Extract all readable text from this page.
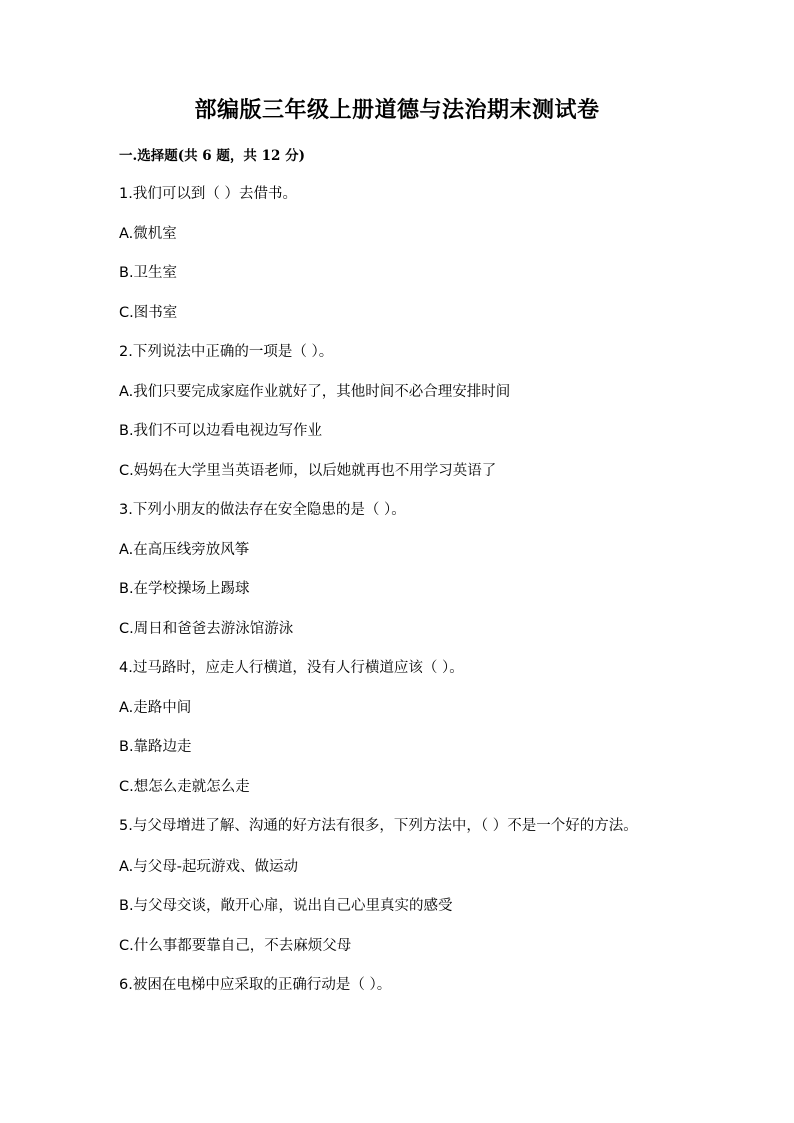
部编版三年级上册道德与法治期末测试卷
一.选择题(共 6 题，共 12 分)
1.我们可以到（ ）去借书。
A.微机室
B.卫生室
C.图书室
2.下列说法中正确的一项是（ ）。
A.我们只要完成家庭作业就好了，其他时间不必合理安排时间
B.我们不可以边看电视边写作业
C.妈妈在大学里当英语老师，以后她就再也不用学习英语了
3.下列小朋友的做法存在安全隐患的是（ ）。
A.在高压线旁放风筝
B.在学校操场上踢球
C.周日和爸爸去游泳馆游泳
4.过马路时，应走人行横道，没有人行横道应该（ ）。
A.走路中间
B.靠路边走
C.想怎么走就怎么走
5.与父母增进了解、沟通的好方法有很多，下列方法中，（ ）不是一个好的方法。
A.与父母-起玩游戏、做运动
B.与父母交谈，敞开心扉，说出自己心里真实的感受
C.什么事都要靠自己，不去麻烦父母
6.被困在电梯中应采取的正确行动是（ ）。
